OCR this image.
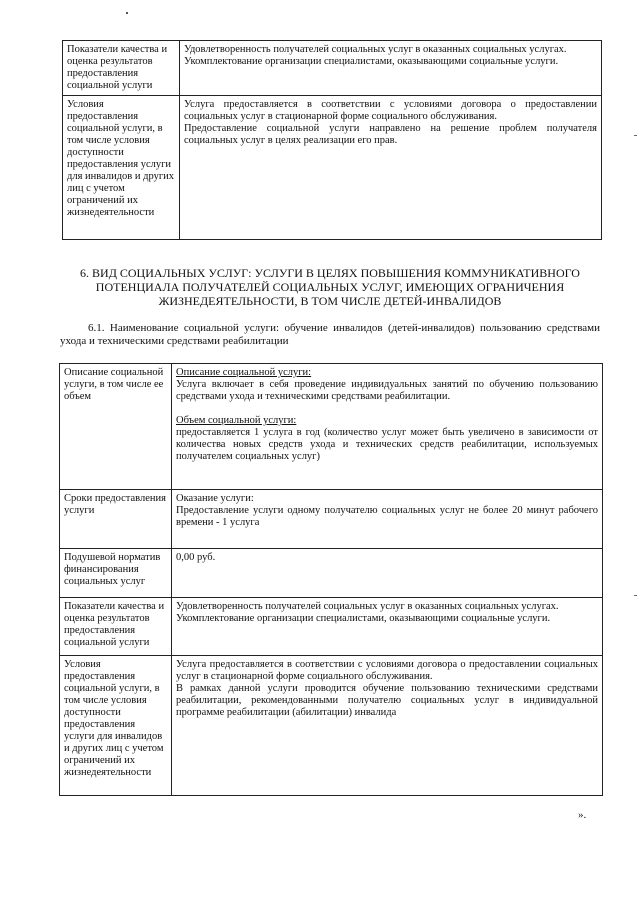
Показатели качества и оценка результатов предоставления социальной услуги	Удовлетворенность получателей социальных услуг в оказанных социальных услугах.

Укомплектование организации специалистами, оказывающими социальные услуги.

Условия предоставления социальной услуги, в том числе условия доступности предоставления услуги для инвалидов и других лиц с учетом ограничений их жизнедеятельности	Услуга предоставляется в соответствии с условиями договора о предоставлении социальных услуг в стационарной форме социального обслуживания.

Предоставление социальной услуги направлено на решение проблем получателя социальных услуг в целях реализации его прав.

6. ВИД СОЦИАЛЬНЫХ УСЛУГ: УСЛУГИ В ЦЕЛЯХ ПОВЫШЕНИЯ КОММУНИКАТИВНОГО ПОТЕНЦИАЛА ПОЛУЧАТЕЛЕЙ СОЦИАЛЬНЫХ УСЛУГ, ИМЕЮЩИХ ОГРАНИЧЕНИЯ ЖИЗНЕДЕЯТЕЛЬНОСТИ, В ТОМ ЧИСЛЕ ДЕТЕЙ-ИНВАЛИДОВ

6.1. Наименование социальной услуги: обучение инвалидов (детей-инвалидов) пользованию средствами ухода и техническими средствами реабилитации

Описание социальной услуги, в том числе ее объем	Описание социальной услуги:

Услуга включает в себя проведение индивидуальных занятий по обучению пользованию средствами ухода и техническими средствами реабилитации.

Объем социальной услуги:

предоставляется 1 услуга в год (количество услуг может быть увеличено в зависимости от количества новых средств ухода и технических средств реабилитации, используемых получателем социальных услуг)

Сроки предоставления услуги	Оказание услуги:

Предоставление услуги одному получателю социальных услуг не более 20 минут рабочего времени - 1 услуга

Подушевой норматив финансирования социальных услуг	0,00 руб.

Показатели качества и оценка результатов предоставления социальной услуги	Удовлетворенность получателей социальных услуг в оказанных социальных услугах.

Укомплектование организации специалистами, оказывающими социальные услуги.

Условия предоставления социальной услуги, в том числе условия доступности предоставления услуги для инвалидов и других лиц с учетом ограничений их жизнедеятельности	Услуга предоставляется в соответствии с условиями договора о предоставлении социальных услуг в стационарной форме социального обслуживания.

В рамках данной услуги проводится обучение пользованию техническими средствами реабилитации, рекомендованными получателю социальных услуг в индивидуальной программе реабилитации (абилитации) инвалида

».
